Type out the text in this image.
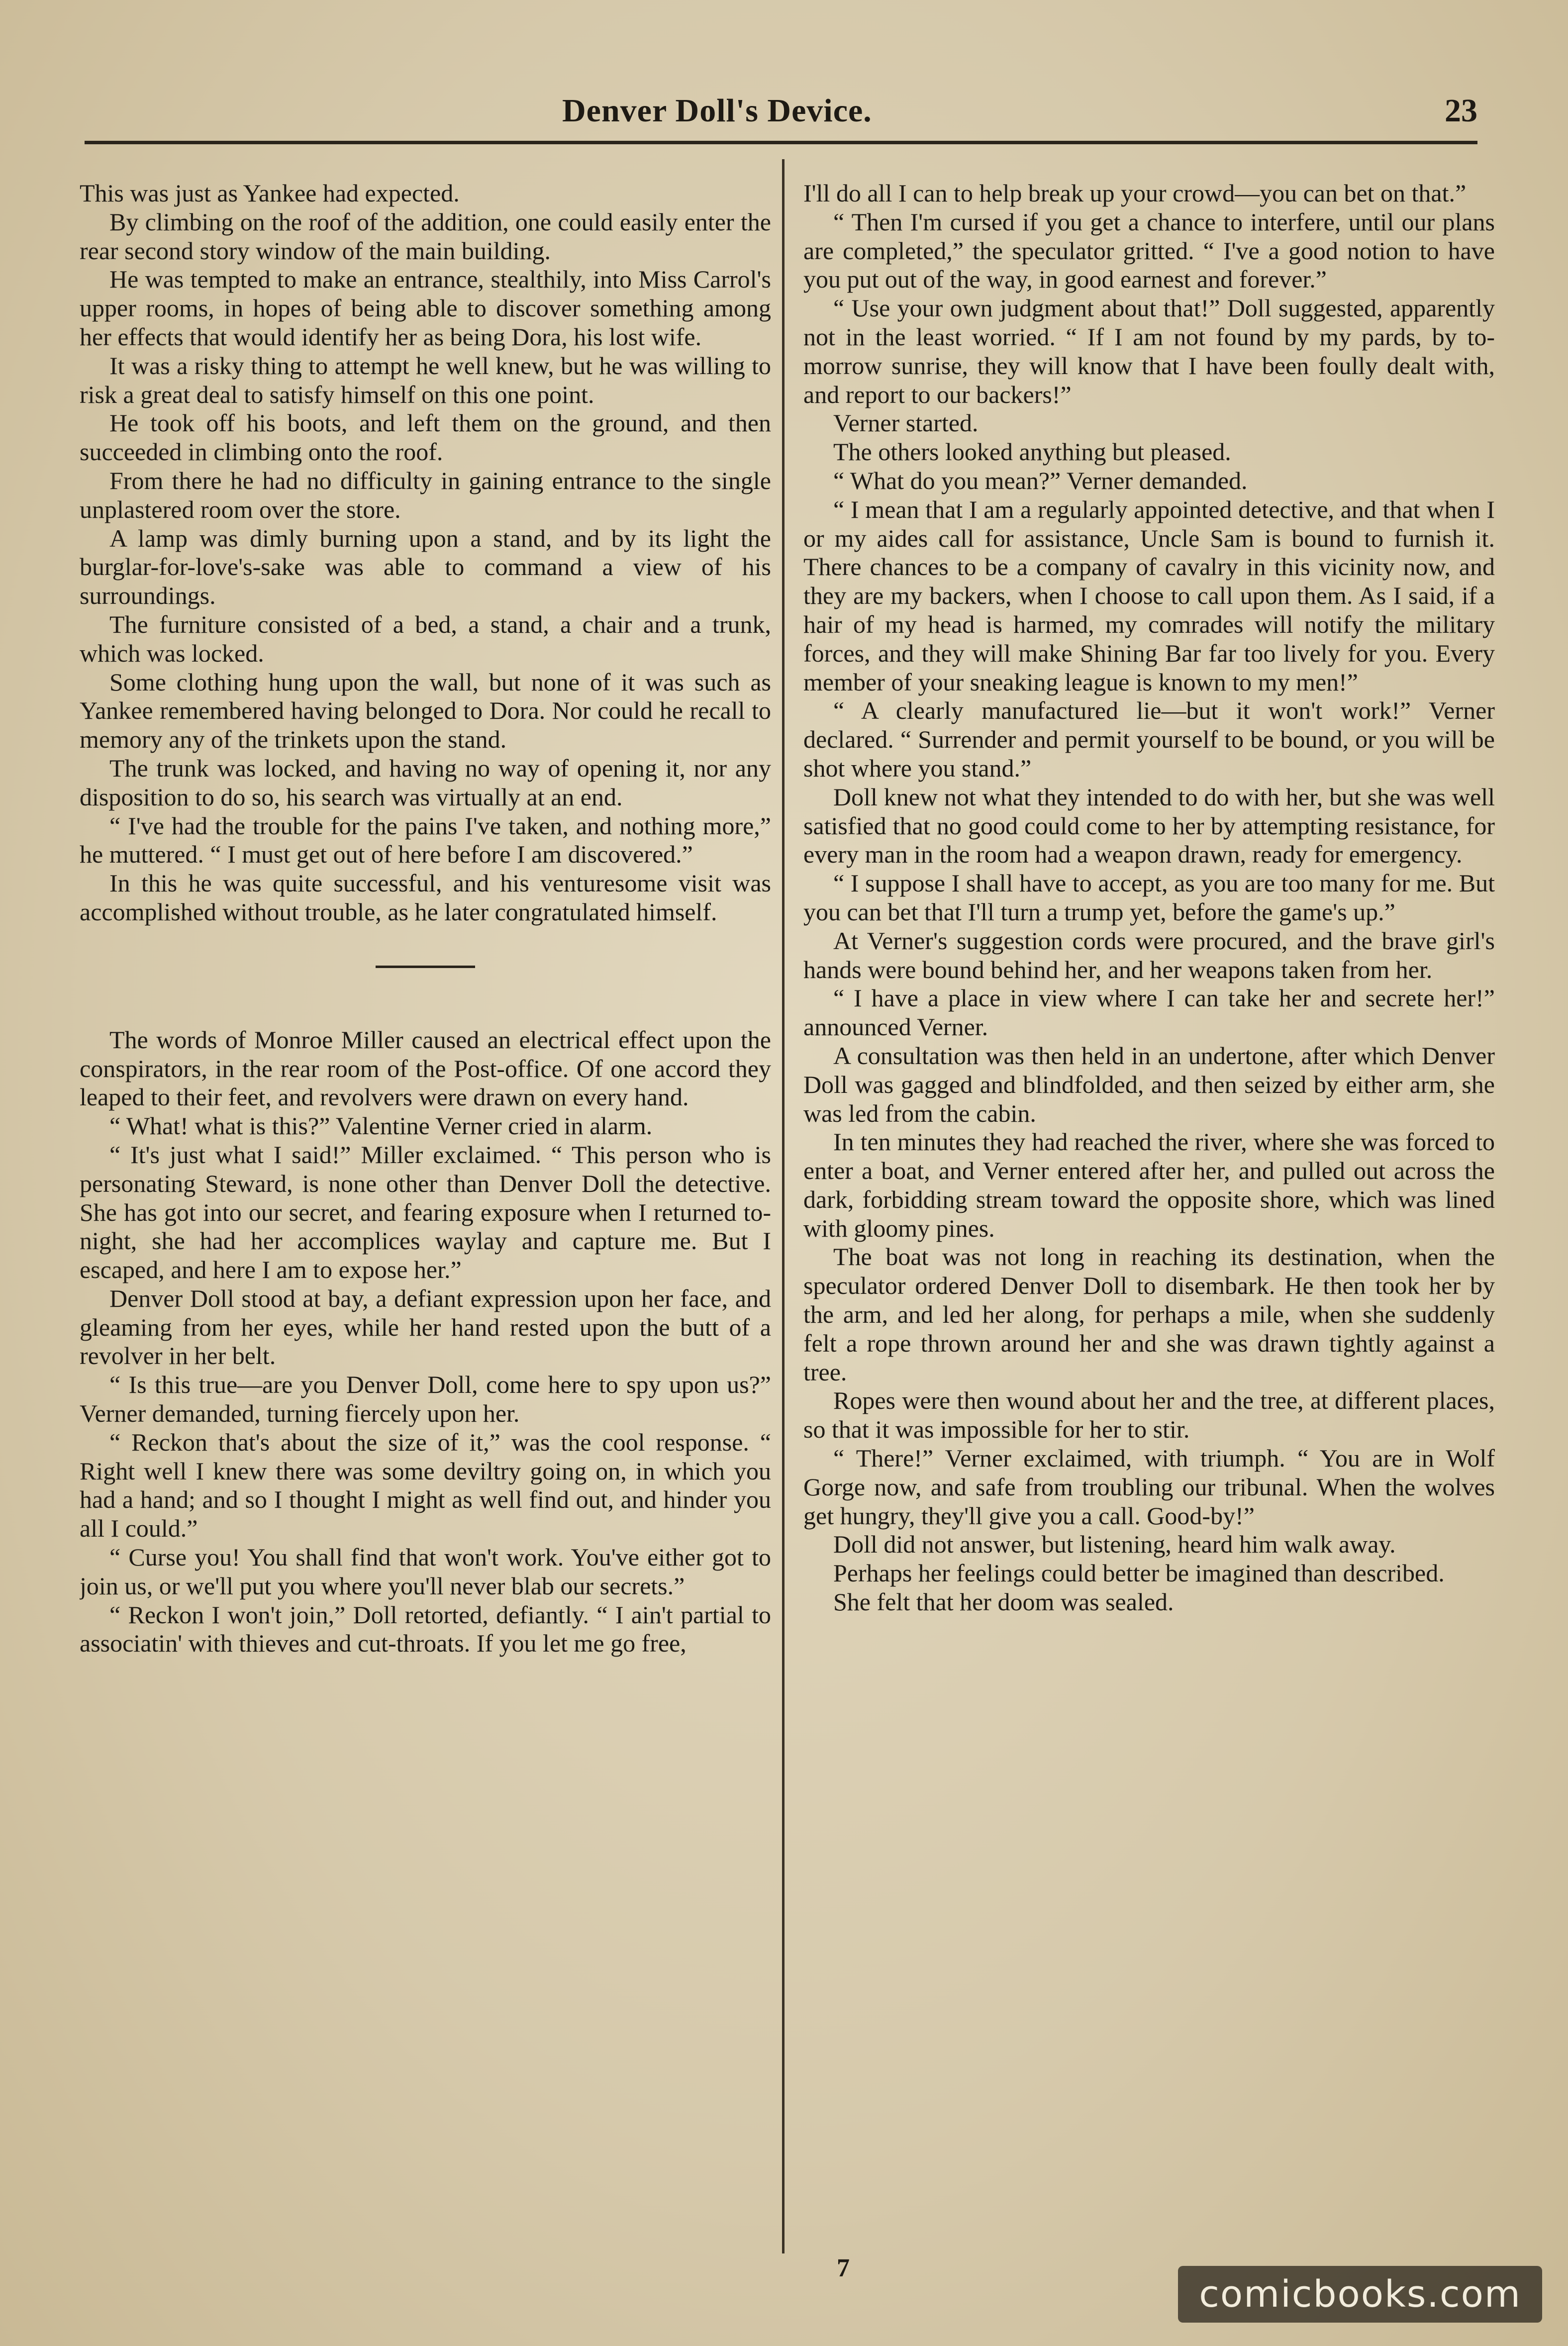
Denver Doll's Device.	23

This was just as Yankee had expected.

By climbing on the roof of the addition, one could easily enter the rear second story window of the main building.

He was tempted to make an entrance, stealthily, into Miss Carrol's upper rooms, in hopes of being able to discover something among her effects that would identify her as being Dora, his lost wife.

It was a risky thing to attempt he well knew, but he was willing to risk a great deal to satisfy himself on this one point.

He took off his boots, and left them on the ground, and then succeeded in climbing onto the roof.

From there he had no difficulty in gaining entrance to the single unplastered room over the store.

A lamp was dimly burning upon a stand, and by its light the burglar-for-love's-sake was able to command a view of his surroundings.

The furniture consisted of a bed, a stand, a chair and a trunk, which was locked.

Some clothing hung upon the wall, but none of it was such as Yankee remembered having belonged to Dora. Nor could he recall to memory any of the trinkets upon the stand.

The trunk was locked, and having no way of opening it, nor any disposition to do so, his search was virtually at an end.

“ I've had the trouble for the pains I've taken, and nothing more,” he muttered. “ I must get out of here before I am discovered.”

In this he was quite successful, and his venturesome visit was accomplished without trouble, as he later congratulated himself.

The words of Monroe Miller caused an electrical effect upon the conspirators, in the rear room of the Post-office. Of one accord they leaped to their feet, and revolvers were drawn on every hand.

“ What! what is this?” Valentine Verner cried in alarm.

“ It's just what I said!” Miller exclaimed. “ This person who is personating Steward, is none other than Denver Doll the detective. She has got into our secret, and fearing exposure when I returned to-night, she had her accomplices waylay and capture me. But I escaped, and here I am to expose her.”

Denver Doll stood at bay, a defiant expression upon her face, and gleaming from her eyes, while her hand rested upon the butt of a revolver in her belt.

“ Is this true—are you Denver Doll, come here to spy upon us?” Verner demanded, turning fiercely upon her.

“ Reckon that's about the size of it,” was the cool response. “ Right well I knew there was some deviltry going on, in which you had a hand; and so I thought I might as well find out, and hinder you all I could.”

“ Curse you! You shall find that won't work. You've either got to join us, or we'll put you where you'll never blab our secrets.”

“ Reckon I won't join,” Doll retorted, defiantly. “ I ain't partial to associatin' with thieves and cut-throats. If you let me go free,

I'll do all I can to help break up your crowd—you can bet on that.”

“ Then I'm cursed if you get a chance to interfere, until our plans are completed,” the speculator gritted. “ I've a good notion to have you put out of the way, in good earnest and forever.”

“ Use your own judgment about that!” Doll suggested, apparently not in the least worried. “ If I am not found by my pards, by to-morrow sunrise, they will know that I have been foully dealt with, and report to our backers!”

Verner started.

The others looked anything but pleased.

“ What do you mean?” Verner demanded.

“ I mean that I am a regularly appointed detective, and that when I or my aides call for assistance, Uncle Sam is bound to furnish it. There chances to be a company of cavalry in this vicinity now, and they are my backers, when I choose to call upon them. As I said, if a hair of my head is harmed, my comrades will notify the military forces, and they will make Shining Bar far too lively for you. Every member of your sneaking league is known to my men!”

“ A clearly manufactured lie—but it won't work!” Verner declared. “ Surrender and permit yourself to be bound, or you will be shot where you stand.”

Doll knew not what they intended to do with her, but she was well satisfied that no good could come to her by attempting resistance, for every man in the room had a weapon drawn, ready for emergency.

“ I suppose I shall have to accept, as you are too many for me. But you can bet that I'll turn a trump yet, before the game's up.”

At Verner's suggestion cords were procured, and the brave girl's hands were bound behind her, and her weapons taken from her.

“ I have a place in view where I can take her and secrete her!” announced Verner.

A consultation was then held in an undertone, after which Denver Doll was gagged and blindfolded, and then seized by either arm, she was led from the cabin.

In ten minutes they had reached the river, where she was forced to enter a boat, and Verner entered after her, and pulled out across the dark, forbidding stream toward the opposite shore, which was lined with gloomy pines.

The boat was not long in reaching its destination, when the speculator ordered Denver Doll to disembark. He then took her by the arm, and led her along, for perhaps a mile, when she suddenly felt a rope thrown around her and she was drawn tightly against a tree.

Ropes were then wound about her and the tree, at different places, so that it was impossible for her to stir.

“ There!” Verner exclaimed, with triumph. “ You are in Wolf Gorge now, and safe from troubling our tribunal. When the wolves get hungry, they'll give you a call. Good-by!”

Doll did not answer, but listening, heard him walk away.

Perhaps her feelings could better be imagined than described.

She felt that her doom was sealed.

7
comicbooks.com
